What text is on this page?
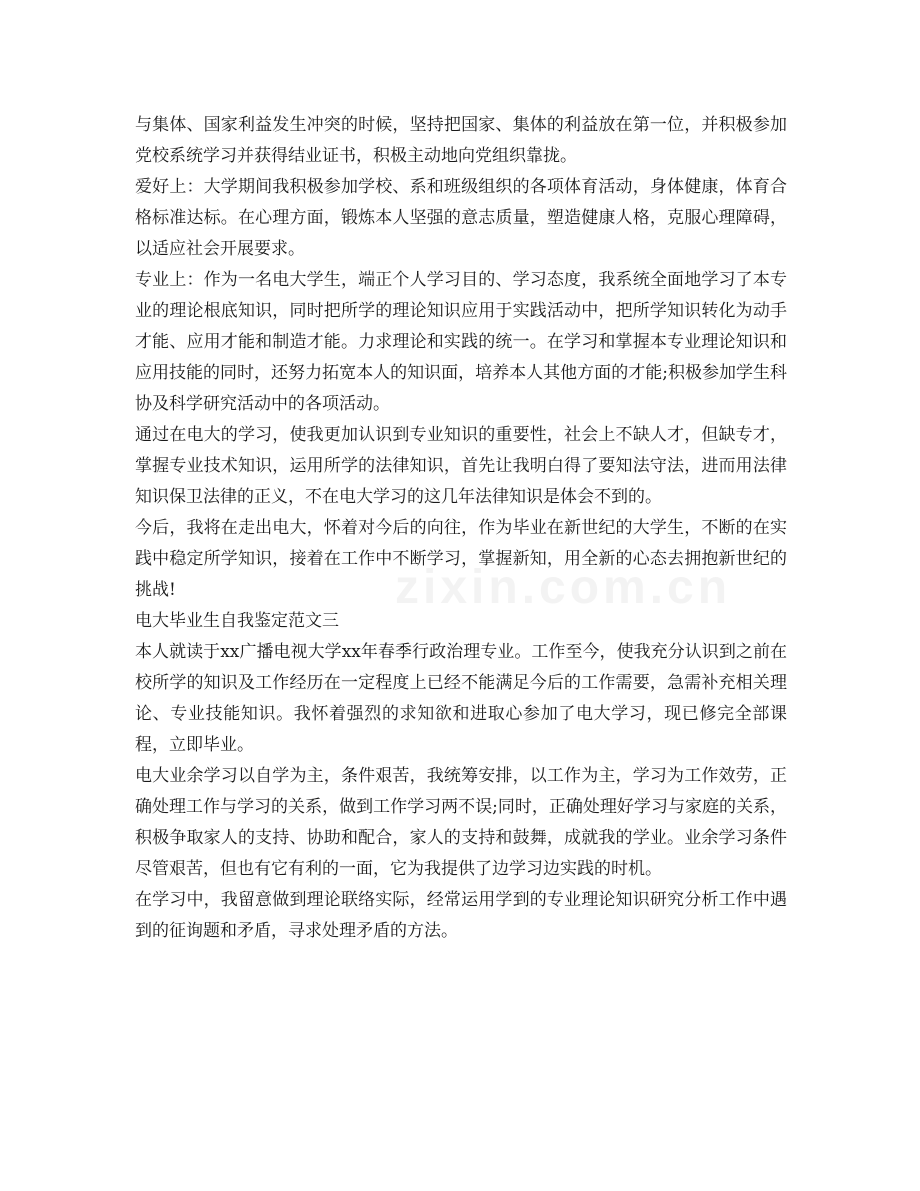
zixin.com.cn

与集体、国家利益发生冲突的时候，坚持把国家、集体的利益放在第一位，并积极参加党校系统学习并获得结业证书，积极主动地向党组织靠拢。

爱好上：大学期间我积极参加学校、系和班级组织的各项体育活动，身体健康，体育合格标准达标。在心理方面，锻炼本人坚强的意志质量，塑造健康人格，克服心理障碍，以适应社会开展要求。

专业上：作为一名电大学生，端正个人学习目的、学习态度，我系统全面地学习了本专业的理论根底知识，同时把所学的理论知识应用于实践活动中，把所学知识转化为动手才能、应用才能和制造才能。力求理论和实践的统一。在学习和掌握本专业理论知识和应用技能的同时，还努力拓宽本人的知识面，培养本人其他方面的才能;积极参加学生科协及科学研究活动中的各项活动。

通过在电大的学习，使我更加认识到专业知识的重要性，社会上不缺人才，但缺专才，掌握专业技术知识，运用所学的法律知识，首先让我明白得了要知法守法，进而用法律知识保卫法律的正义，不在电大学习的这几年法律知识是体会不到的。

今后，我将在走出电大，怀着对今后的向往，作为毕业在新世纪的大学生，不断的在实践中稳定所学知识，接着在工作中不断学习，掌握新知，用全新的心态去拥抱新世纪的挑战!

电大毕业生自我鉴定范文三

本人就读于xx广播电视大学xx年春季行政治理专业。工作至今，使我充分认识到之前在校所学的知识及工作经历在一定程度上已经不能满足今后的工作需要，急需补充相关理论、专业技能知识。我怀着强烈的求知欲和进取心参加了电大学习，现已修完全部课程，立即毕业。

电大业余学习以自学为主，条件艰苦，我统筹安排，以工作为主，学习为工作效劳，正确处理工作与学习的关系，做到工作学习两不误;同时，正确处理好学习与家庭的关系，积极争取家人的支持、协助和配合，家人的支持和鼓舞，成就我的学业。业余学习条件尽管艰苦，但也有它有利的一面，它为我提供了边学习边实践的时机。

在学习中，我留意做到理论联络实际，经常运用学到的专业理论知识研究分析工作中遇到的征询题和矛盾，寻求处理矛盾的方法。
